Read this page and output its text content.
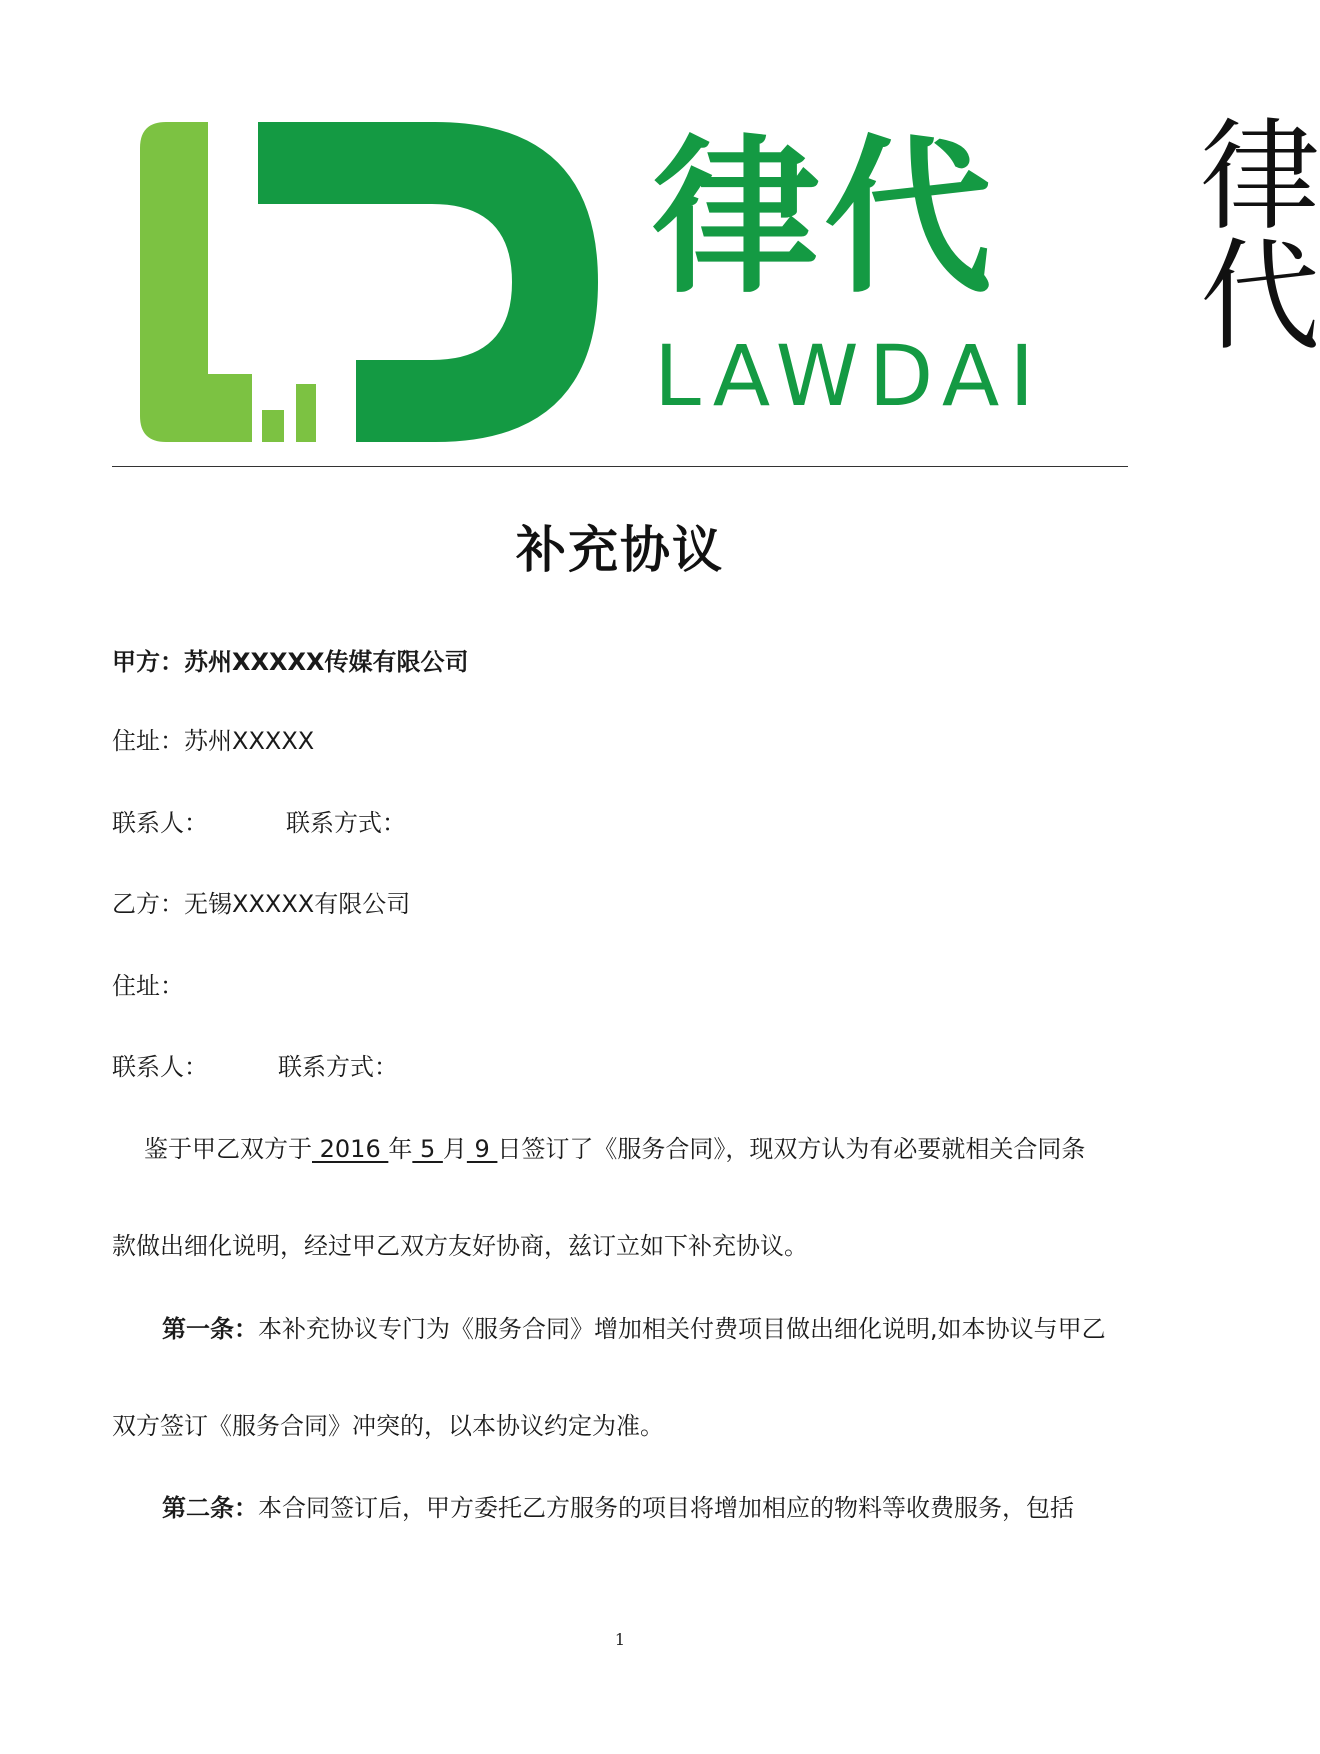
律代
LAWDAI
律代
补充协议
甲方：苏州XXXXX传媒有限公司
住址：苏州XXXXX
联系人：	联系方式：
乙方：无锡XXXXX有限公司
住址：
联系人：	联系方式：
鉴于甲乙双方于 2016 年 5 月 9 日签订了《服务合同》，现双方认为有必要就相关合同条
款做出细化说明，经过甲乙双方友好协商，兹订立如下补充协议。
第一条：本补充协议专门为《服务合同》增加相关付费项目做出细化说明,如本协议与甲乙
双方签订《服务合同》冲突的，以本协议约定为准。
第二条：本合同签订后，甲方委托乙方服务的项目将增加相应的物料等收费服务，包括
1
